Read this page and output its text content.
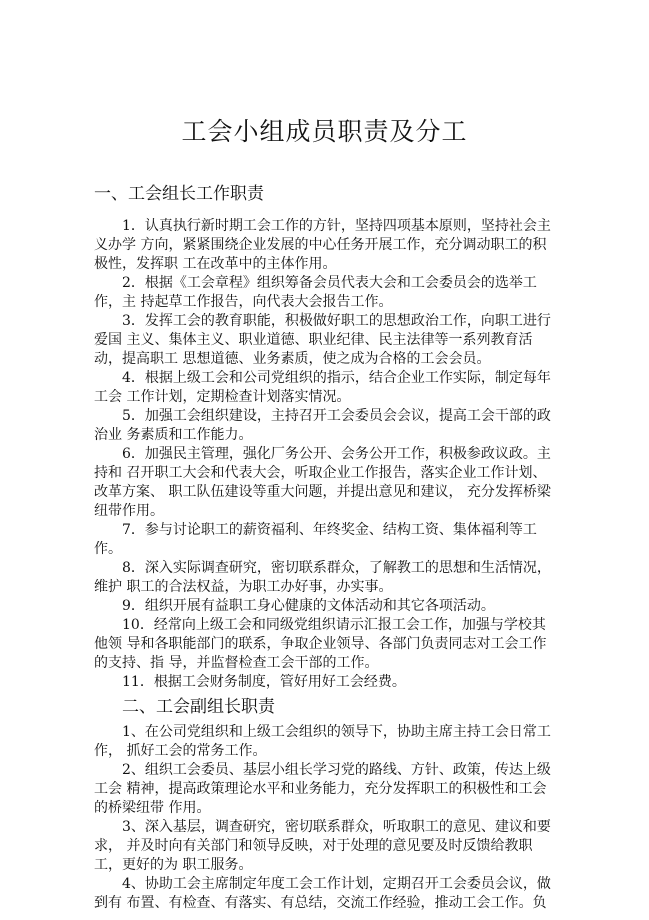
工会小组成员职责及分工
一、工会组长工作职责
1．认真执行新时期工会工作的方针，坚持四项基本原则，坚持社会主
义办学 方向，紧紧围绕企业发展的中心任务开展工作，充分调动职工的积
极性，发挥职 工在改革中的主体作用。
2．根据《工会章程》组织筹备会员代表大会和工会委员会的选举工
作，主 持起草工作报告，向代表大会报告工作。
3．发挥工会的教育职能，积极做好职工的思想政治工作，向职工进行
爱国 主义、集体主义、职业道德、职业纪律、民主法律等一系列教育活
动，提高职工 思想道德、业务素质，使之成为合格的工会会员。
4．根据上级工会和公司党组织的指示，结合企业工作实际，制定每年
工会 工作计划，定期检查计划落实情况。
5．加强工会组织建设，主持召开工会委员会会议，提高工会干部的政
治业 务素质和工作能力。
6．加强民主管理，强化厂务公开、会务公开工作，积极参政议政。主
持和 召开职工大会和代表大会，听取企业工作报告，落实企业工作计划、
改革方案、 职工队伍建设等重大问题，并提出意见和建议， 充分发挥桥梁
纽带作用。
7．参与讨论职工的薪资福利、年终奖金、结构工资、集体福利等工
作。
8．深入实际调查研究，密切联系群众，了解教工的思想和生活情况，
维护 职工的合法权益，为职工办好事，办实事。
9．组织开展有益职工身心健康的文体活动和其它各项活动。
10．经常向上级工会和同级党组织请示汇报工会工作，加强与学校其
他领 导和各职能部门的联系，争取企业领导、各部门负责同志对工会工作
的支持、指 导，并监督检查工会干部的工作。
11．根据工会财务制度，管好用好工会经费。
二、工会副组长职责
1、在公司党组织和上级工会组织的领导下，协助主席主持工会日常工
作， 抓好工会的常务工作。
2、组织工会委员、基层小组长学习党的路线、方针、政策，传达上级
工会 精神，提高政策理论水平和业务能力，充分发挥职工的积极性和工会
的桥梁纽带 作用。
3、深入基层，调查研究，密切联系群众，听取职工的意见、建议和要
求， 并及时向有关部门和领导反映，对于处理的意见要及时反馈给教职
工，更好的为 职工服务。
4、协助工会主席制定年度工会工作计划，定期召开工会委员会议，做
到有 布置、有检查、有落实、有总结，交流工作经验，推动工会工作。负
